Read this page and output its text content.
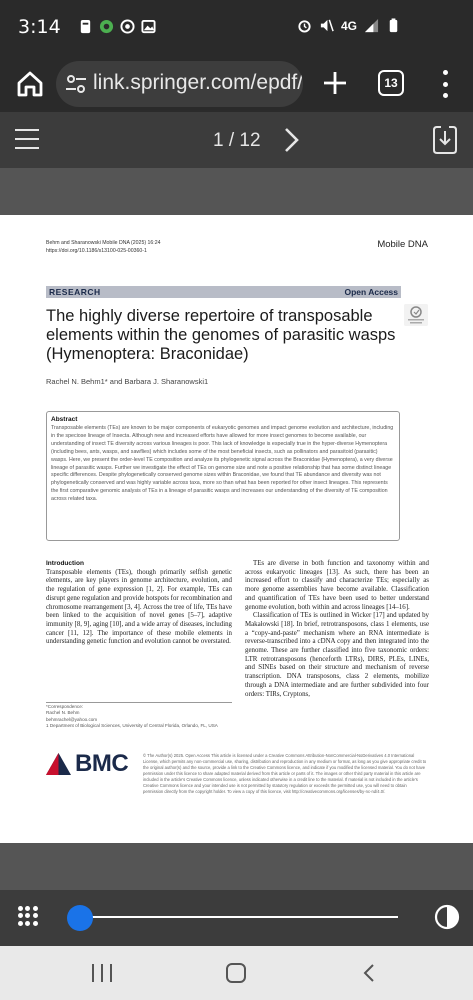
3:14	4G
link.springer.com/epdf/	13
1 / 12
Behm and Sharanowski Mobile DNA (2025) 16:24
https://doi.org/10.1186/s13100-025-00360-1
Mobile DNA
RESEARCH	Open Access
The highly diverse repertoire of transposable elements within the genomes of parasitic wasps (Hymenoptera: Braconidae)
Rachel N. Behm1* and Barbara J. Sharanowski1
Abstract
Transposable elements (TEs) are known to be major components of eukaryotic genomes and impact genome evolution and architecture, including in the speciose lineage of Insecta. Although new and increased efforts have allowed for more insect genomes to become available, our understanding of insect TE diversity across various lineages is poor. This lack of knowledge is especially true in the hyper-diverse Hymenoptera (including bees, ants, wasps, and sawflies) which includes some of the most beneficial insects, such as pollinators and parasitoid (parasitic) wasps. Here, we present the order-level TE composition and analyze its phylogenetic signal across the Braconidae (Hymenoptera), a very diverse lineage of parasitic wasps. Further we investigate the effect of TEs on genome size and note a positive relationship that has some distinct lineage specific differences. Despite phylogenetically conserved genome sizes within Braconidae, we found that TE abundance and diversity was not phylogenetically conserved and was highly variable across taxa, more so than what has been reported for other insect lineages. This represents the first comparative genomic analysis of TEs in a lineage of parasitic wasps and increases our understanding of the diversity of TE composition across related taxa.
Introduction
Transposable elements (TEs), though primarily selfish genetic elements, are key players in genome architecture, evolution, and the regulation of gene expression [1, 2]. For example, TEs can disrupt gene regulation and provide hotspots for recombination and chromosome rearrangement [3, 4]. Across the tree of life, TEs have been linked to the acquisition of novel genes [5–7], adaptive immunity [8, 9], aging [10], and a wide array of diseases, including cancer [11, 12]. The importance of these mobile elements in understanding genetic function and evolution cannot be overstated.
TEs are diverse in both function and taxonomy within and across eukaryotic lineages [13]. As such, there has been an increased effort to classify and characterize TEs; especially as more genome assemblies have become available. Classification and quantification of TEs have been used to better understand genome evolution, both within and across lineages [14–16].
Classification of TEs is outlined in Wicker [17] and updated by Makałowski [18]. In brief, retrotransposons, class 1 elements, use a “copy-and-paste” mechanism where an RNA intermediate is reverse-transcribed into a cDNA copy and then integrated into the genome. These are further classified into five taxonomic orders: LTR retrotransposons (henceforth LTRs), DIRS, PLEs, LINEs, and SINEs based on their structure and mechanism of reverse transcription. DNA transposons, class 2 elements, mobilize through a DNA intermediate and are further subdivided into four orders: TIRs, Cryptons,
*Correspondence:
Rachel N. Behm
behmrachel@yahoo.com
1 Department of Biological Sciences, University of Central Florida, Orlando, FL, USA
BMC	© The Author(s) 2025. Open Access This article is licensed under a Creative Commons Attribution-NonCommercial-NoDerivatives 4.0 International License, which permits any non-commercial use, sharing, distribution and reproduction in any medium or format, as long as you give appropriate credit to the original author(s) and the source, provide a link to the Creative Commons licence, and indicate if you modified the licensed material. You do not have permission under this licence to share adapted material derived from this article or parts of it. The images or other third party material in this article are included in the article's Creative Commons licence, unless indicated otherwise in a credit line to the material. If material is not included in the article's Creative Commons licence and your intended use is not permitted by statutory regulation or exceeds the permitted use, you will need to obtain permission directly from the copyright holder. To view a copy of this licence, visit http://creativecommons.org/licenses/by-nc-nd/4.0/.
